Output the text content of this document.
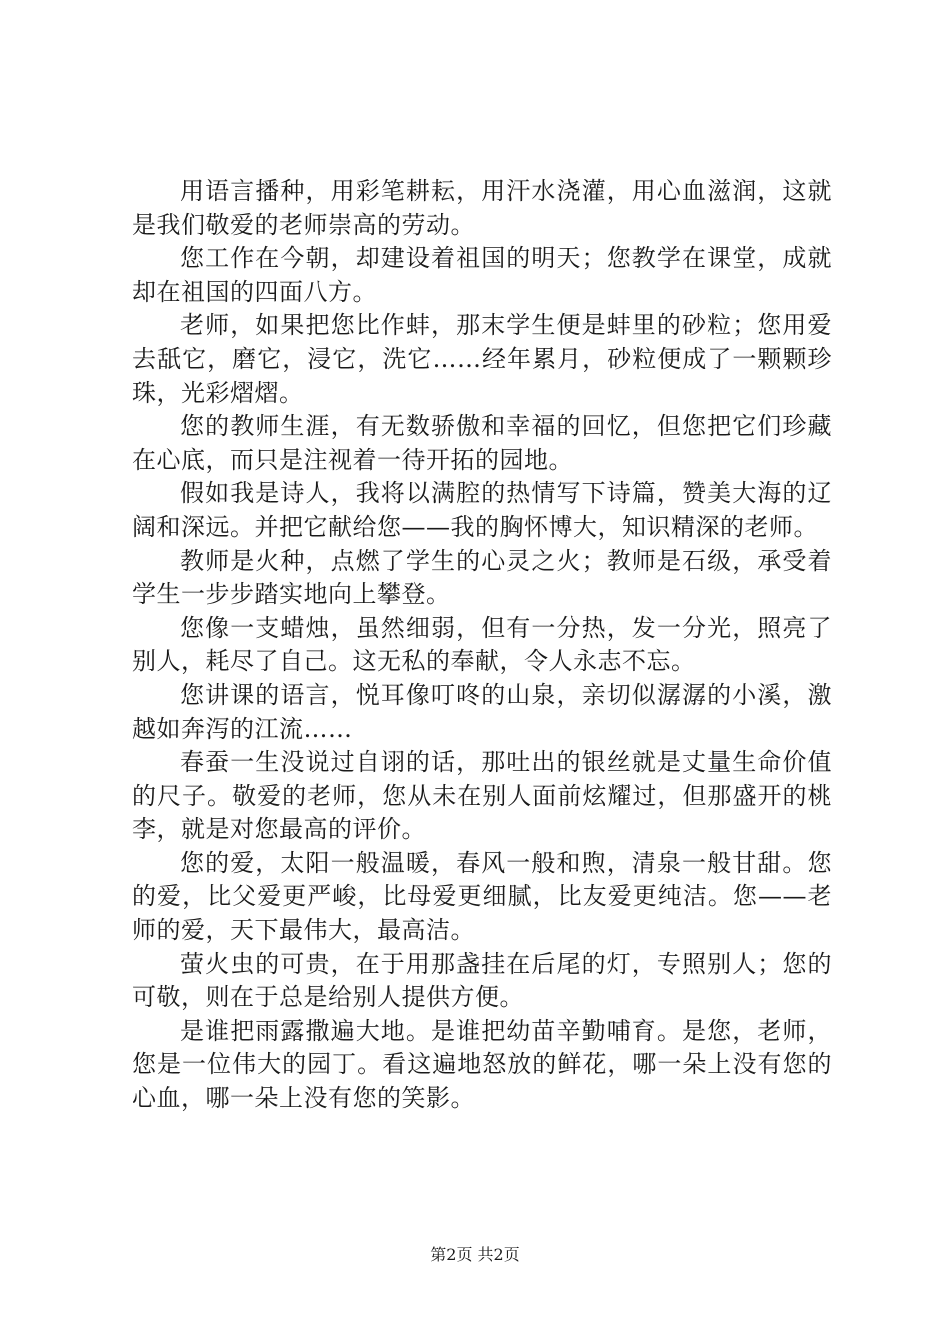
用语言播种，用彩笔耕耘，用汗水浇灌，用心血滋润，这就是我们敬爱的老师崇高的劳动。

您工作在今朝，却建设着祖国的明天；您教学在课堂，成就却在祖国的四面八方。

老师，如果把您比作蚌，那末学生便是蚌里的砂粒；您用爱去舐它，磨它，浸它，洗它……经年累月，砂粒便成了一颗颗珍珠，光彩熠熠。

您的教师生涯，有无数骄傲和幸福的回忆，但您把它们珍藏在心底，而只是注视着一待开拓的园地。

假如我是诗人，我将以满腔的热情写下诗篇，赞美大海的辽阔和深远。并把它献给您——我的胸怀博大，知识精深的老师。

教师是火种，点燃了学生的心灵之火；教师是石级，承受着学生一步步踏实地向上攀登。

您像一支蜡烛，虽然细弱，但有一分热，发一分光，照亮了别人，耗尽了自己。这无私的奉献，令人永志不忘。

您讲课的语言，悦耳像叮咚的山泉，亲切似潺潺的小溪，激越如奔泻的江流……

春蚕一生没说过自诩的话，那吐出的银丝就是丈量生命价值的尺子。敬爱的老师，您从未在别人面前炫耀过，但那盛开的桃李，就是对您最高的评价。

您的爱，太阳一般温暖，春风一般和煦，清泉一般甘甜。您的爱，比父爱更严峻，比母爱更细腻，比友爱更纯洁。您——老师的爱，天下最伟大，最高洁。

萤火虫的可贵，在于用那盏挂在后尾的灯，专照别人；您的可敬，则在于总是给别人提供方便。

是谁把雨露撒遍大地。是谁把幼苗辛勤哺育。是您，老师，您是一位伟大的园丁。看这遍地怒放的鲜花，哪一朵上没有您的心血，哪一朵上没有您的笑影。

第2页 共2页
